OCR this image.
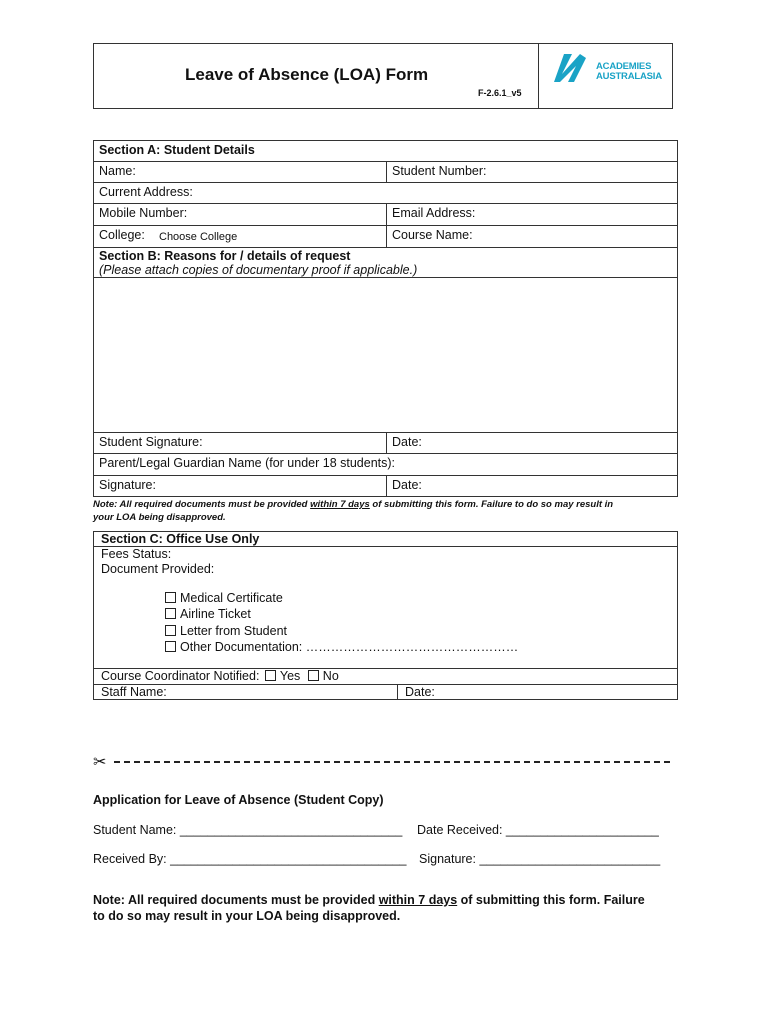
Leave of Absence (LOA) Form
F-2.6.1_v5
ACADEMIES
AUSTRALASIA
Section A: Student Details
Name:	Student Number:
Current Address:
Mobile Number:	Email Address:
College:	Choose College	Course Name:
Section B: Reasons for / details of request
(Please attach copies of documentary proof if applicable.)
Student Signature:	Date:
Parent/Legal Guardian Name (for under 18 students):
Signature:	Date:
Note: All required documents must be provided within 7 days of submitting this form. Failure to do so may result in
your LOA being disapproved.
Section C: Office Use Only
Fees Status:
Document Provided:
Medical Certificate
Airline Ticket
Letter from Student
Other Documentation: ……………………………………………
Course Coordinator Notified: Yes No
Staff Name:	Date:
✂
Application for Leave of Absence (Student Copy)
Student Name: ________________________________ Date Received: ______________________
Received By: __________________________________ Signature: __________________________
Note: All required documents must be provided within 7 days of submitting this form. Failure
to do so may result in your LOA being disapproved.
